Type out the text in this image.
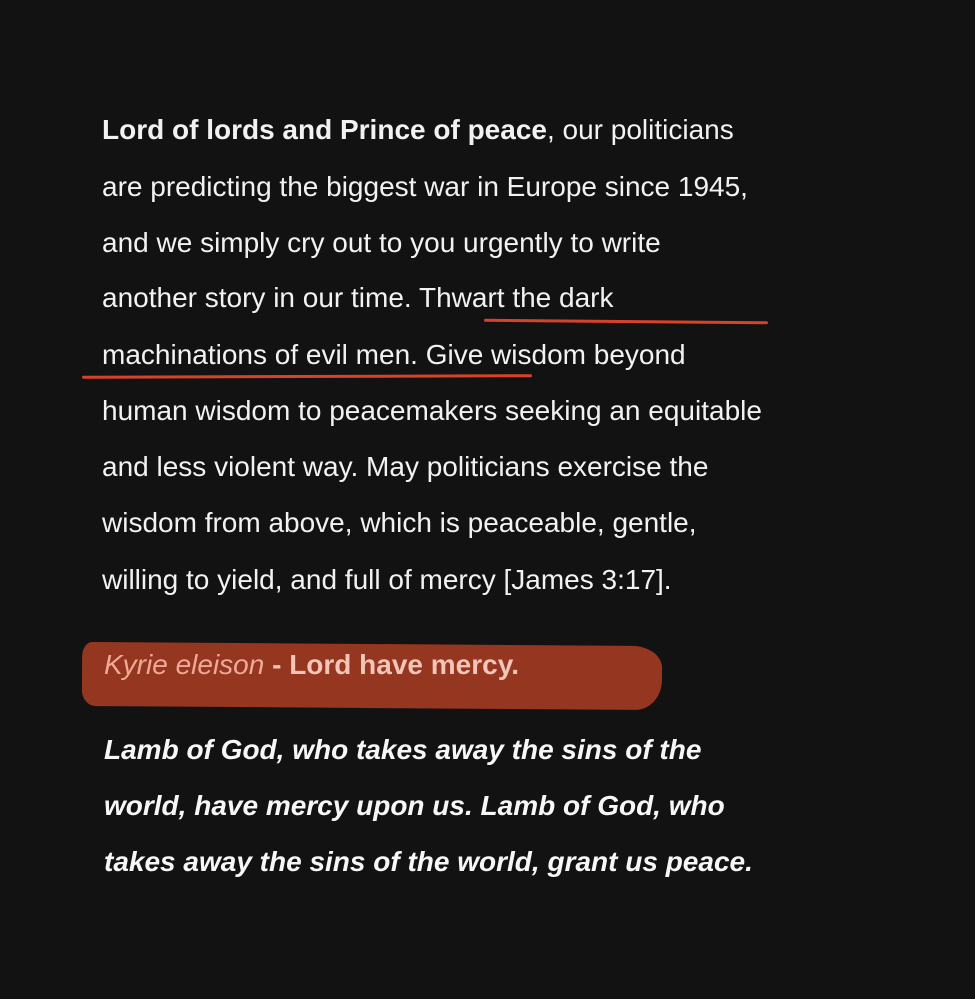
Lord of lords and Prince of peace, our politicians
are predicting the biggest war in Europe since 1945,
and we simply cry out to you urgently to write
another story in our time. Thwart the dark
machinations of evil men. Give wisdom beyond
human wisdom to peacemakers seeking an equitable
and less violent way. May politicians exercise the
wisdom from above, which is peaceable, gentle,
willing to yield, and full of mercy [James 3:17].
Kyrie eleison - Lord have mercy.
Lamb of God, who takes away the sins of the
world, have mercy upon us. Lamb of God, who
takes away the sins of the world, grant us peace.
